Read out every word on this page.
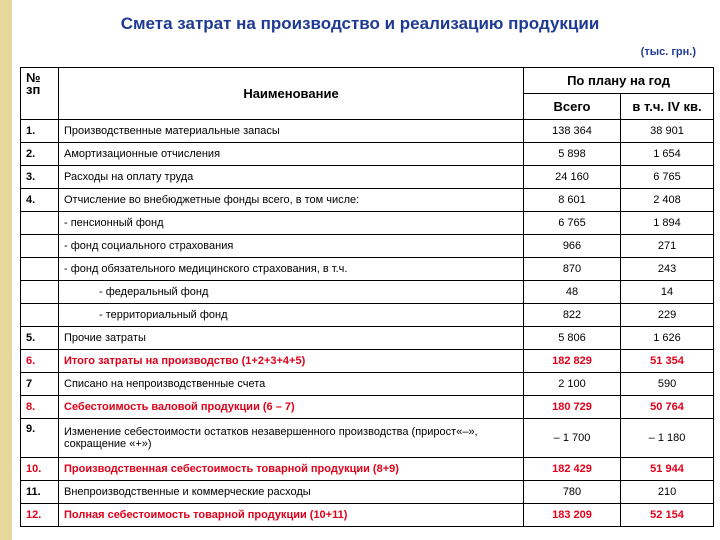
Смета затрат на производство и реализацию продукции
(тыс. грн.)
№ зп	Наименование	По плану на год	
		Всего	в т.ч. IV кв.
1.	Производственные материальные запасы	138 364	38 901
2.	Амортизационные отчисления	5 898	1 654
3.	Расходы на оплату труда	24 160	6 765
4.	Отчисление во внебюджетные фонды всего, в том числе:	8 601	2 408
	- пенсионный фонд	6 765	1 894
	- фонд социального страхования	966	271
	- фонд обязательного медицинского страхования, в т.ч.	870	243
	- федеральный фонд	48	14
	- территориальный фонд	822	229
5.	Прочие затраты	5 806	1 626
6.	Итого затраты на производство (1+2+3+4+5)	182 829	51 354
7	Списано на непроизводственные счета	2 100	590
8.	Себестоимость валовой продукции (6 – 7)	180 729	50 764
9.	Изменение себестоимости остатков незавершенного производства (прирост«–», сокращение «+»)	– 1 700	– 1 180
10.	Производственная себестоимость товарной продукции (8+9)	182 429	51 944
11.	Внепроизводственные и коммерческие расходы	780	210
12.	Полная себестоимость товарной продукции (10+11)	183 209	52 154
